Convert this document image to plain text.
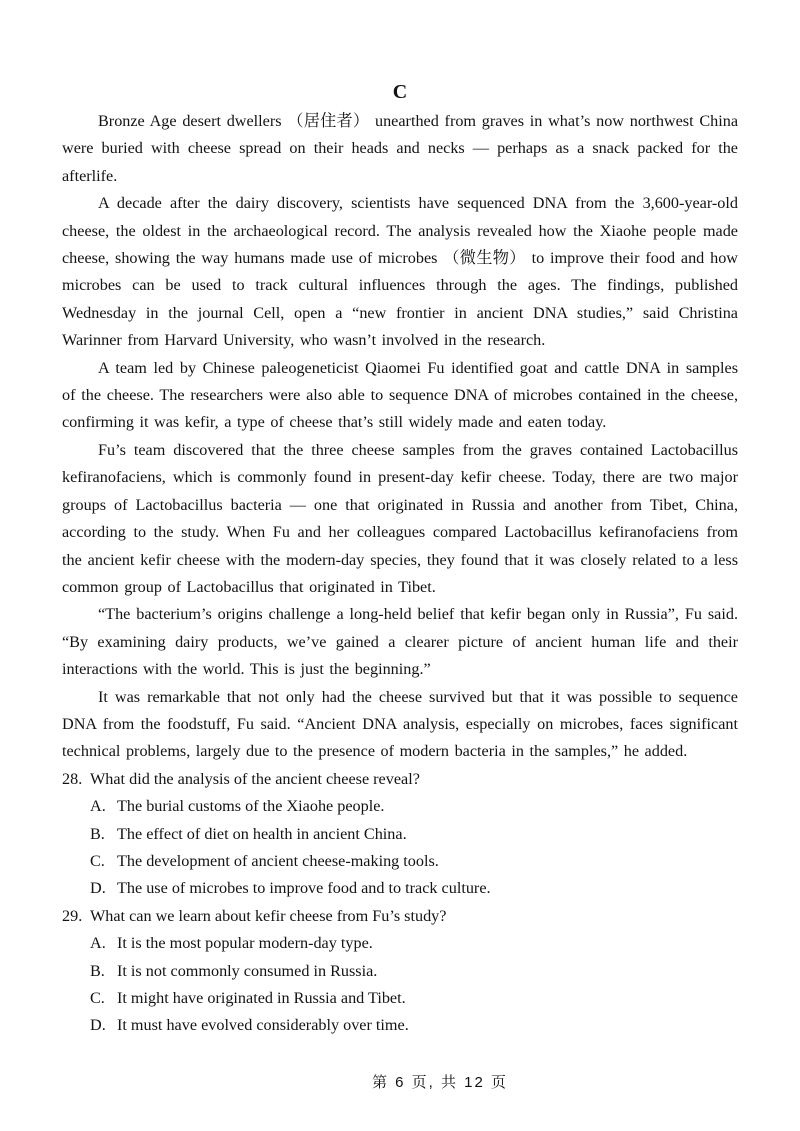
C

Bronze Age desert dwellers （居住者） unearthed from graves in what’s now northwest China were buried with cheese spread on their heads and necks — perhaps as a snack packed for the afterlife.

A decade after the dairy discovery, scientists have sequenced DNA from the 3,600-year-old cheese, the oldest in the archaeological record. The analysis revealed how the Xiaohe people made cheese, showing the way humans made use of microbes （微生物） to improve their food and how microbes can be used to track cultural influences through the ages. The findings, published Wednesday in the journal Cell, open a “new frontier in ancient DNA studies,” said Christina Warinner from Harvard University, who wasn’t involved in the research.

A team led by Chinese paleogeneticist Qiaomei Fu identified goat and cattle DNA in samples of the cheese. The researchers were also able to sequence DNA of microbes contained in the cheese, confirming it was kefir, a type of cheese that’s still widely made and eaten today.

Fu’s team discovered that the three cheese samples from the graves contained Lactobacillus kefiranofaciens, which is commonly found in present-day kefir cheese. Today, there are two major groups of Lactobacillus bacteria — one that originated in Russia and another from Tibet, China, according to the study. When Fu and her colleagues compared Lactobacillus kefiranofaciens from the ancient kefir cheese with the modern-day species, they found that it was closely related to a less common group of Lactobacillus that originated in Tibet.

“The bacterium’s origins challenge a long-held belief that kefir began only in Russia”, Fu said. “By examining dairy products, we’ve gained a clearer picture of ancient human life and their interactions with the world. This is just the beginning.”

It was remarkable that not only had the cheese survived but that it was possible to sequence DNA from the foodstuff, Fu said. “Ancient DNA analysis, especially on microbes, faces significant technical problems, largely due to the presence of modern bacteria in the samples,” he added.

28. What did the analysis of the ancient cheese reveal?
A. The burial customs of the Xiaohe people.
B. The effect of diet on health in ancient China.
C. The development of ancient cheese-making tools.
D. The use of microbes to improve food and to track culture.
29. What can we learn about kefir cheese from Fu’s study?
A. It is the most popular modern-day type.
B. It is not commonly consumed in Russia.
C. It might have originated in Russia and Tibet.
D. It must have evolved considerably over time.
第 6 页, 共 12 页
